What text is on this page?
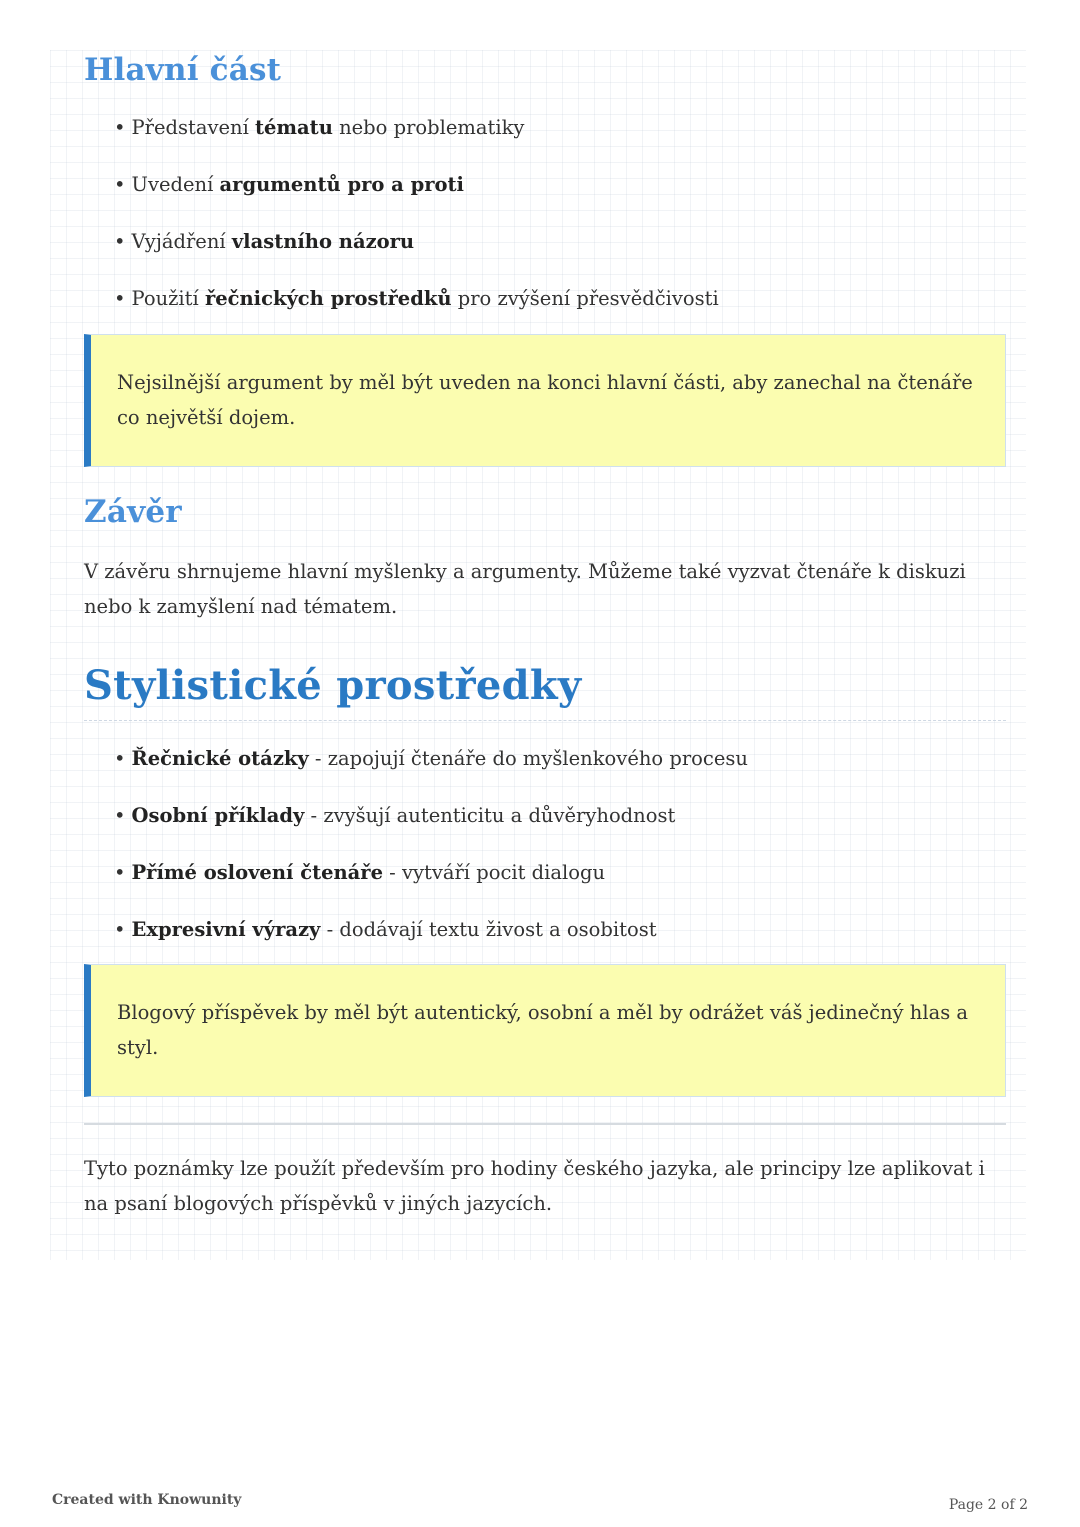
Hlavní část
• Představení tématu nebo problematiky
• Uvedení argumentů pro a proti
• Vyjádření vlastního názoru
• Použití řečnických prostředků pro zvýšení přesvědčivosti
Nejsilnější argument by měl být uveden na konci hlavní části, aby zanechal na čtenáře co největší dojem.
Závěr

V závěru shrnujeme hlavní myšlenky a argumenty. Můžeme také vyzvat čtenáře k diskuzi nebo k zamyšlení nad tématem.

Stylistické prostředky
• Řečnické otázky - zapojují čtenáře do myšlenkového procesu
• Osobní příklady - zvyšují autenticitu a důvěryhodnost
• Přímé oslovení čtenáře - vytváří pocit dialogu
• Expresivní výrazy - dodávají textu živost a osobitost
Blogový příspěvek by měl být autentický, osobní a měl by odrážet váš jedinečný hlas a styl.

Tyto poznámky lze použít především pro hodiny českého jazyka, ale principy lze aplikovat i na psaní blogových příspěvků v jiných jazycích.

Created with Knowunity	Page 2 of 2
